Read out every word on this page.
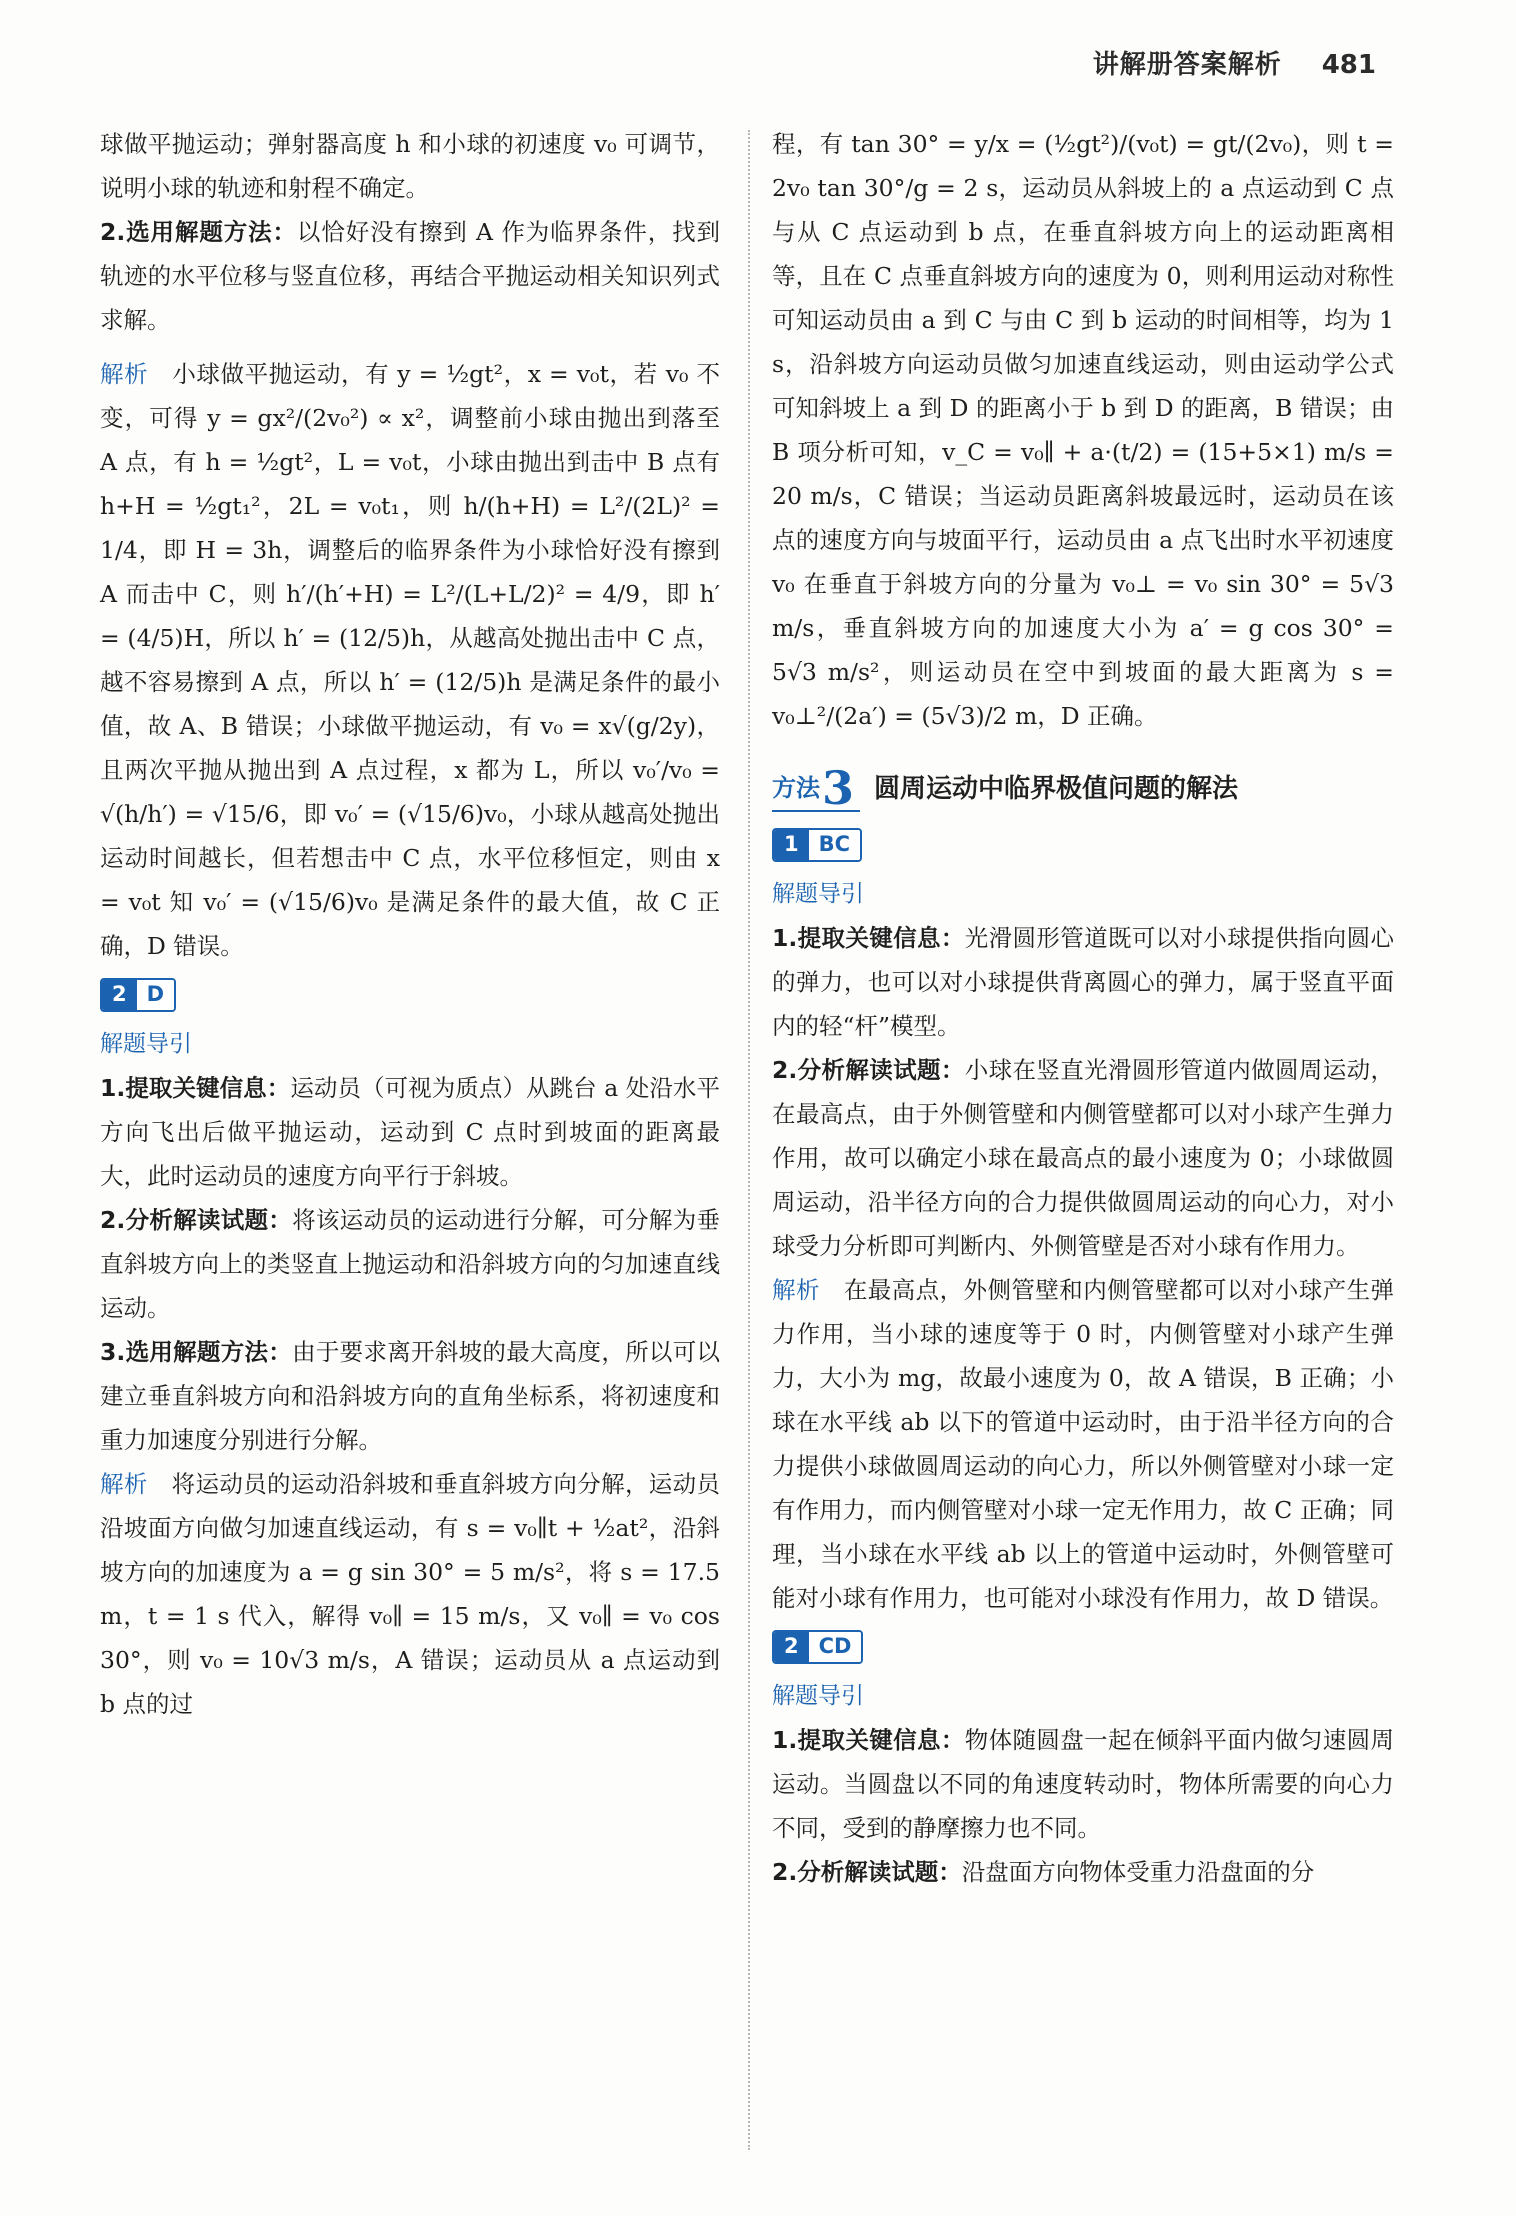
讲解册答案解析 481

球做平抛运动；弹射器高度 h 和小球的初速度 v₀ 可调节，说明小球的轨迹和射程不确定。

2.选用解题方法：以恰好没有擦到 A 作为临界条件，找到轨迹的水平位移与竖直位移，再结合平抛运动相关知识列式求解。

解析　 小球做平抛运动，有 y = ½gt²，x = v₀t，若 v₀ 不变，可得 y = gx²/(2v₀²) ∝ x²，调整前小球由抛出到落至 A 点，有 h = ½gt²，L = v₀t，小球由抛出到击中 B 点有 h+H = ½gt₁²，2L = v₀t₁，则 h/(h+H) = L²/(2L)² = 1/4，即 H = 3h，调整后的临界条件为小球恰好没有擦到 A 而击中 C，则 h′/(h′+H) = L²/(L+L/2)² = 4/9，即 h′ = (4/5)H，所以 h′ = (12/5)h，从越高处抛出击中 C 点，越不容易擦到 A 点，所以 h′ = (12/5)h 是满足条件的最小值，故 A、B 错误；小球做平抛运动，有 v₀ = x√(g/2y)，且两次平抛从抛出到 A 点过程，x 都为 L，所以 v₀′/v₀ = √(h/h′) = √15/6，即 v₀′ = (√15/6)v₀，小球从越高处抛出运动时间越长，但若想击中 C 点，水平位移恒定，则由 x = v₀t 知 v₀′ = (√15/6)v₀ 是满足条件的最大值，故 C 正确，D 错误。

2 D

解题导引

1.提取关键信息：运动员（可视为质点）从跳台 a 处沿水平方向飞出后做平抛运动，运动到 C 点时到坡面的距离最大，此时运动员的速度方向平行于斜坡。

2.分析解读试题：将该运动员的运动进行分解，可分解为垂直斜坡方向上的类竖直上抛运动和沿斜坡方向的匀加速直线运动。

3.选用解题方法：由于要求离开斜坡的最大高度，所以可以建立垂直斜坡方向和沿斜坡方向的直角坐标系，将初速度和重力加速度分别进行分解。

解析　 将运动员的运动沿斜坡和垂直斜坡方向分解，运动员沿坡面方向做匀加速直线运动，有 s = v₀∥t + ½at²，沿斜坡方向的加速度为 a = g sin 30° = 5 m/s²，将 s = 17.5 m，t = 1 s 代入，解得 v₀∥ = 15 m/s，又 v₀∥ = v₀ cos 30°，则 v₀ = 10√3 m/s，A 错误；运动员从 a 点运动到 b 点的过

程，有 tan 30° = y/x = (½gt²)/(v₀t) = gt/(2v₀)，则 t = 2v₀ tan 30°/g = 2 s，运动员从斜坡上的 a 点运动到 C 点与从 C 点运动到 b 点，在垂直斜坡方向上的运动距离相等，且在 C 点垂直斜坡方向的速度为 0，则利用运动对称性可知运动员由 a 到 C 与由 C 到 b 运动的时间相等，均为 1 s，沿斜坡方向运动员做匀加速直线运动，则由运动学公式可知斜坡上 a 到 D 的距离小于 b 到 D 的距离，B 错误；由 B 项分析可知，v_C = v₀∥ + a·(t/2) = (15+5×1) m/s = 20 m/s，C 错误；当运动员距离斜坡最远时，运动员在该点的速度方向与坡面平行，运动员由 a 点飞出时水平初速度 v₀ 在垂直于斜坡方向的分量为 v₀⊥ = v₀ sin 30° = 5√3 m/s，垂直斜坡方向的加速度大小为 a′ = g cos 30° = 5√3 m/s²，则运动员在空中到坡面的最大距离为 s = v₀⊥²/(2a′) = (5√3)/2 m，D 正确。

方法 3 圆周运动中临界极值问题的解法
1 BC

解题导引

1.提取关键信息：光滑圆形管道既可以对小球提供指向圆心的弹力，也可以对小球提供背离圆心的弹力，属于竖直平面内的轻“杆”模型。

2.分析解读试题：小球在竖直光滑圆形管道内做圆周运动，在最高点，由于外侧管壁和内侧管壁都可以对小球产生弹力作用，故可以确定小球在最高点的最小速度为 0；小球做圆周运动，沿半径方向的合力提供做圆周运动的向心力，对小球受力分析即可判断内、外侧管壁是否对小球有作用力。

解析　 在最高点，外侧管壁和内侧管壁都可以对小球产生弹力作用，当小球的速度等于 0 时，内侧管壁对小球产生弹力，大小为 mg，故最小速度为 0，故 A 错误，B 正确；小球在水平线 ab 以下的管道中运动时，由于沿半径方向的合力提供小球做圆周运动的向心力，所以外侧管壁对小球一定有作用力，而内侧管壁对小球一定无作用力，故 C 正确；同理，当小球在水平线 ab 以上的管道中运动时，外侧管壁可能对小球有作用力，也可能对小球没有作用力，故 D 错误。

2 CD

解题导引

1.提取关键信息：物体随圆盘一起在倾斜平面内做匀速圆周运动。当圆盘以不同的角速度转动时，物体所需要的向心力不同，受到的静摩擦力也不同。

2.分析解读试题：沿盘面方向物体受重力沿盘面的分
